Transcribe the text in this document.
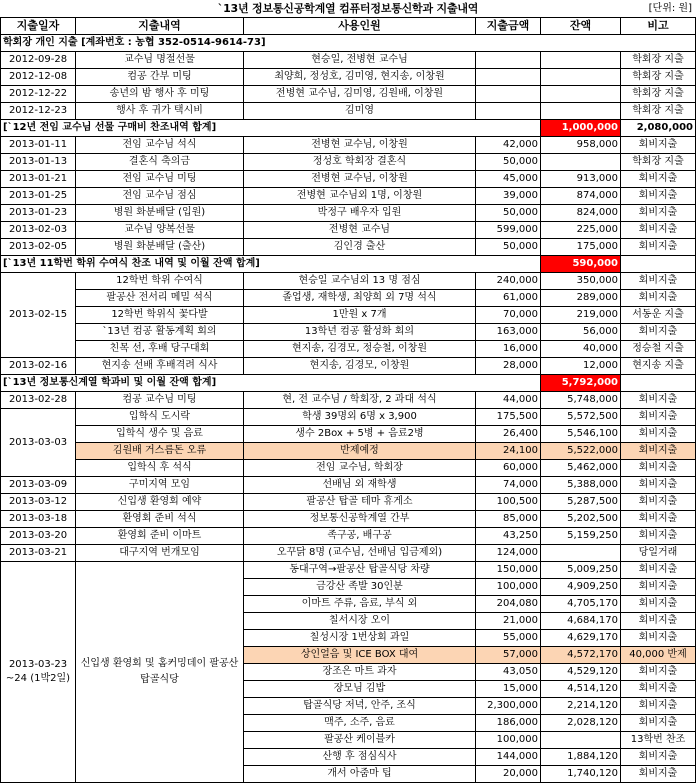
`13년 정보통신공학계열 컴퓨터정보통신학과 지출내역	[단위: 원]
지출일자	지출내역	사용인원	지출금액	잔액	비고
학회장 개인 지출 [계좌번호 : 농협 352-0514-9614-73]					
2012-09-28	교수님 명절선물	현승일, 전병현 교수님			학회장 지출
2012-12-08	컴공 간부 미팅	최양희, 정성호, 김미영, 현지송, 이창원			학회장 지출
2012-12-22	송년의 밤 행사 후 미팅	전병현 교수님, 김미영, 김원배, 이창원			학회장 지출
2012-12-23	행사 후 귀가 택시비	김미영			학회장 지출
[`12년 전임 교수님 선물 구매비 찬조내역 합계]				1,000,000	2,080,000
2013-01-11	전임 교수님 석식	전병현 교수님, 이창원	42,000	958,000	회비지출
2013-01-13	결혼식 축의금	정성호 학회장 결혼식	50,000		학회장 지출
2013-01-21	전임 교수님 미팅	전병현 교수님, 이창원	45,000	913,000	회비지출
2013-01-25	전임 교수님 점심	전병현 교수님외 1명, 이창원	39,000	874,000	회비지출
2013-01-23	병원 화분배달 (입원)	박정구 배우자 입원	50,000	824,000	회비지출
2013-02-03	교수님 양복선물	전병현 교수님	599,000	225,000	회비지출
2013-02-05	병원 화분배달 (출산)	김인경 출산	50,000	175,000	회비지출
[`13년 11학번 학위 수여식 찬조 내역 및 이월 잔액 합계]				590,000	
2013-02-15	12학번 학위 수여식	현승일 교수님외 13 명 점심	240,000	350,000	회비지출
	팔공산 전서리 메밀 석식	졸업생, 재학생, 최양희 외 7명 석식	61,000	289,000	회비지출
	12학번 학위식 꽃다발	1만원 x 7개	70,000	219,000	서동운 지출
	`13년 컴공 활동계획 회의	13학년 컴공 활성화 회의	163,000	56,000	회비지출
	친목 선, 후배 당구대회	현지송, 김경모, 정승철, 이창원	16,000	40,000	정승철 지출
2013-02-16	현지송 선배 후배격려 식사	현지송, 김경모, 이창원	28,000	12,000	현지송 지출
[`13년 정보통신계열 학과비 및 이월 잔액 합계]				5,792,000	
2013-02-28	컴공 교수님 미팅	현, 전 교수님 / 학회장, 2 과대 석식	44,000	5,748,000	회비지출
2013-03-03	입학식 도시락	학생 39명외 6명 x 3,900	175,500	5,572,500	회비지출
	입학식 생수 및 음료	생수 2Box + 5병 + 음료2병	26,400	5,546,100	회비지출
	김원배 거스름돈 오류	반제예정	24,100	5,522,000	회비지출
	입학식 후 석식	전임 교수님, 학회장	60,000	5,462,000	회비지출
2013-03-09	구미지역 모임	선배님 외 재학생	74,000	5,388,000	회비지출
2013-03-12	신입생 환영회 예약	팔공산 탑골 테마 휴게소	100,500	5,287,500	회비지출
2013-03-18	환영회 준비 석식	정보통신공학계열 간부	85,000	5,202,500	회비지출
2013-03-20	환영회 준비 이마트	족구공, 배구공	43,250	5,159,250	회비지출
2013-03-21	대구지역 번개모임	오꾸닭 8명 (교수님, 선배님 입금제외)	124,000		당일거래
2013-03-23 ~24 (1박2일)	신입생 환영회 및 홈커밍데이 팔공산 탑골식당	동대구역→팔공산 탑골식당 차량	150,000	5,009,250	회비지출
		금강산 족발 30인분	100,000	4,909,250	회비지출
		이마트 주류, 음료, 부식 외	204,080	4,705,170	회비지출
		칠서시장 오이	21,000	4,684,170	회비지출
		칠성시장 1번상회 과일	55,000	4,629,170	회비지출
		상인얼음 및 ICE BOX 대여	57,000	4,572,170	40,000 반제
		장조은 마트 과자	43,050	4,529,120	회비지출
		장모님 김밥	15,000	4,514,120	회비지출
		탑골식당 저녁, 안주, 조식	2,300,000	2,214,120	회비지출
		맥주, 소주, 음료	186,000	2,028,120	회비지출
		팔공산 케이블카	100,000		13학번 찬조
		산행 후 점심식사	144,000	1,884,120	회비지출
		개서 아줌마 팁	20,000	1,740,120	회비지출
